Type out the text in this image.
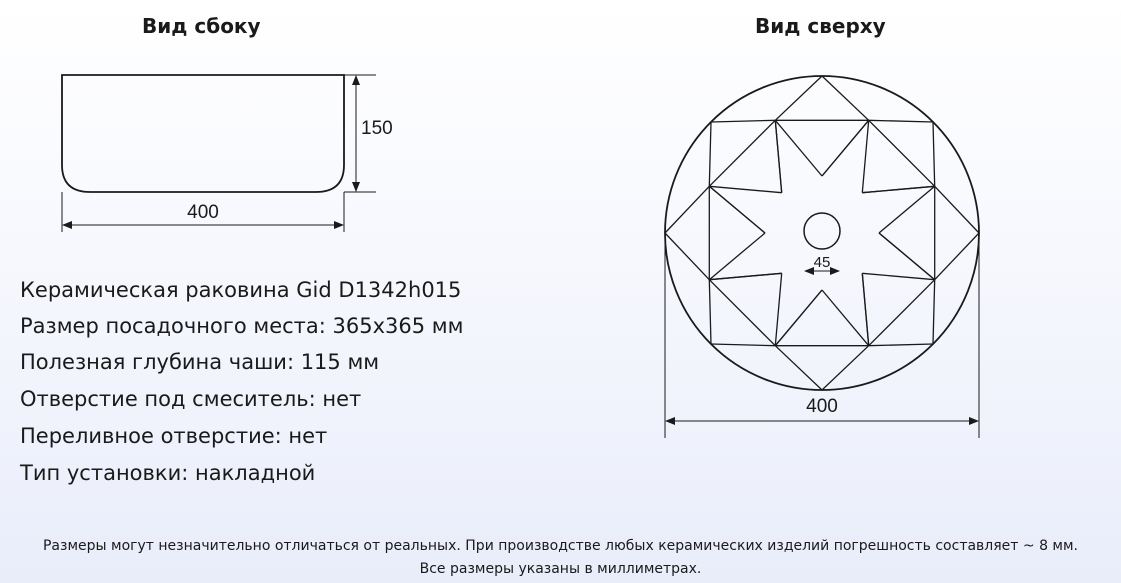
Вид сбоку	Вид сверху
150
400
45
400
Керамическая раковина Gid D1342h015
Размер посадочного места: 365х365 мм
Полезная глубина чаши: 115 мм
Отверстие под смеситель: нет
Переливное отверстие: нет
Тип установки: накладной
Размеры могут незначительно отличаться от реальных. При производстве любых керамических изделий погрешность составляет ~ 8 мм.
Все размеры указаны в миллиметрах.
